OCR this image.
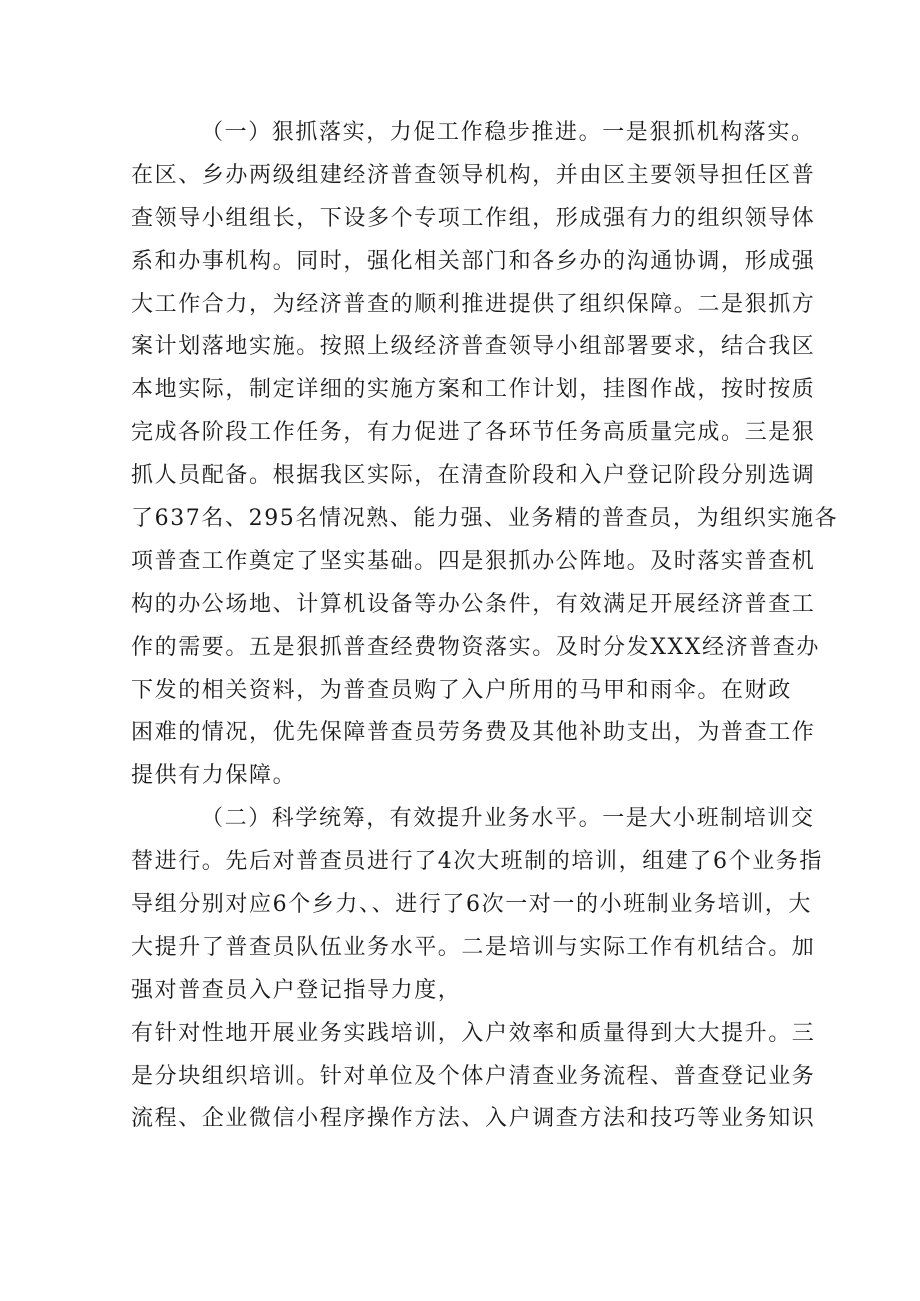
（一）狠抓落实，力促工作稳步推进。一是狠抓机构落实。
在区、乡办两级组建经济普查领导机构，并由区主要领导担任区普
查领导小组组长，下设多个专项工作组，形成强有力的组织领导体
系和办事机构。同时，强化相关部门和各乡办的沟通协调，形成强
大工作合力，为经济普查的顺利推进提供了组织保障。二是狠抓方
案计划落地实施。按照上级经济普查领导小组部署要求，结合我区
本地实际，制定详细的实施方案和工作计划，挂图作战，按时按质
完成各阶段工作任务，有力促进了各环节任务高质量完成。三是狠
抓人员配备。根据我区实际，在清查阶段和入户登记阶段分别选调
了637名、295名情况熟、能力强、业务精的普查员，为组织实施各
项普查工作奠定了坚实基础。四是狠抓办公阵地。及时落实普查机
构的办公场地、计算机设备等办公条件，有效满足开展经济普查工
作的需要。五是狠抓普查经费物资落实。及时分发XXX经济普查办
下发的相关资料，为普查员购了入户所用的马甲和雨伞。在财政
困难的情况，优先保障普查员劳务费及其他补助支出，为普查工作
提供有力保障。
（二）科学统筹，有效提升业务水平。一是大小班制培训交
替进行。先后对普查员进行了4次大班制的培训，组建了6个业务指
导组分别对应6个乡力、、进行了6次一对一的小班制业务培训，大
大提升了普查员队伍业务水平。二是培训与实际工作有机结合。加
强对普查员入户登记指导力度，
有针对性地开展业务实践培训，入户效率和质量得到大大提升。三
是分块组织培训。针对单位及个体户清查业务流程、普查登记业务
流程、企业微信小程序操作方法、入户调查方法和技巧等业务知识
